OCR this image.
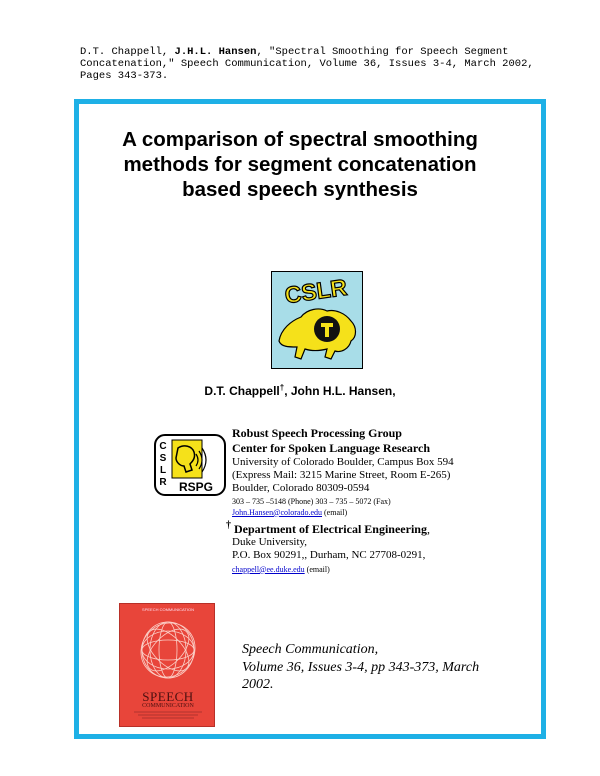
D.T. Chappell, J.H.L. Hansen, "Spectral Smoothing for Speech Segment Concatenation," Speech Communication, Volume 36, Issues 3-4, March 2002, Pages 343-373.
A comparison of spectral smoothing
methods for segment concatenation
based speech synthesis
CSLR
D.T. Chappell†, John H.L. Hansen,
C
S
L
R RSPG
Robust Speech Processing Group
Center for Spoken Language Research
University of Colorado Boulder, Campus Box 594
(Express Mail: 3215 Marine Street, Room E-265)
Boulder, Colorado 80309-0594
303 – 735 –5148 (Phone) 303 – 735 – 5072 (Fax)
John.Hansen@colorado.edu (email)
† Department of Electrical Engineering,
Duke University,
P.O. Box 90291,, Durham, NC 27708-0291,
chappell@ee.duke.edu (email)
SPEECH COMMUNICATION
SPEECH
COMMUNICATION
Speech Communication,
Volume 36, Issues 3-4, pp 343-373, March
2002.
